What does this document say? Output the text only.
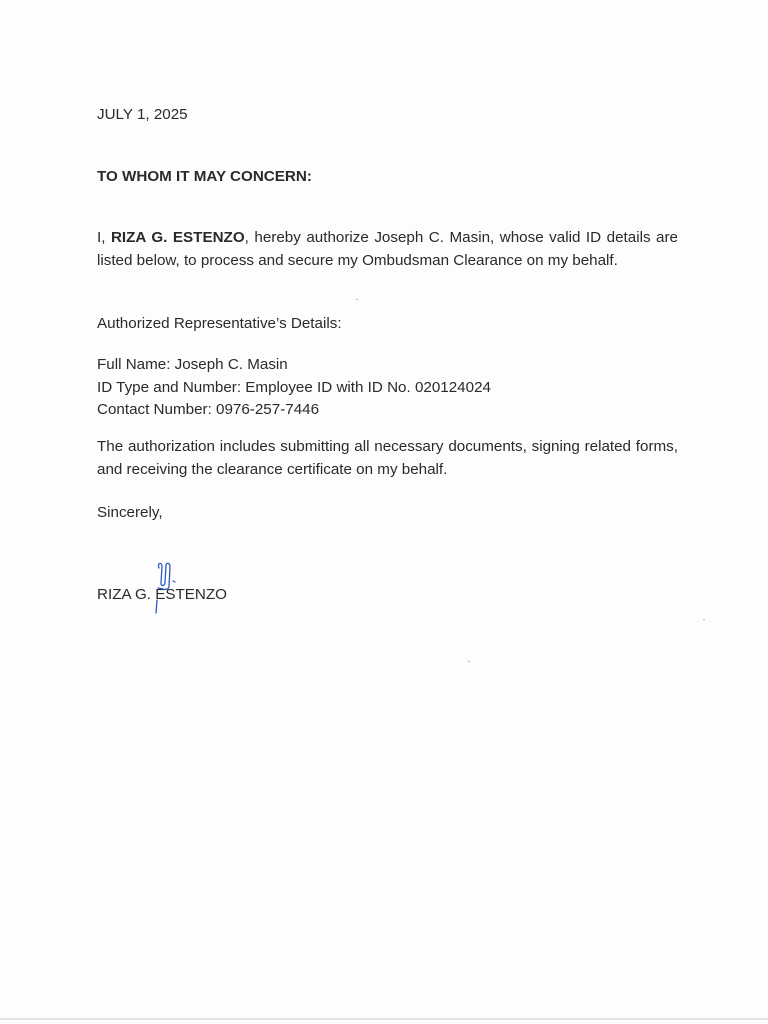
JULY 1, 2025

TO WHOM IT MAY CONCERN:

I, RIZA G. ESTENZO, hereby authorize Joseph C. Masin, whose valid ID details are listed below, to process and secure my Ombudsman Clearance on my behalf.

Authorized Representative’s Details:

Full Name: Joseph C. Masin
ID Type and Number: Employee ID with ID No. 020124024
Contact Number: 0976-257-7446

The authorization includes submitting all necessary documents, signing related forms, and receiving the clearance certificate on my behalf.

Sincerely,

RIZA G. ESTENZO
